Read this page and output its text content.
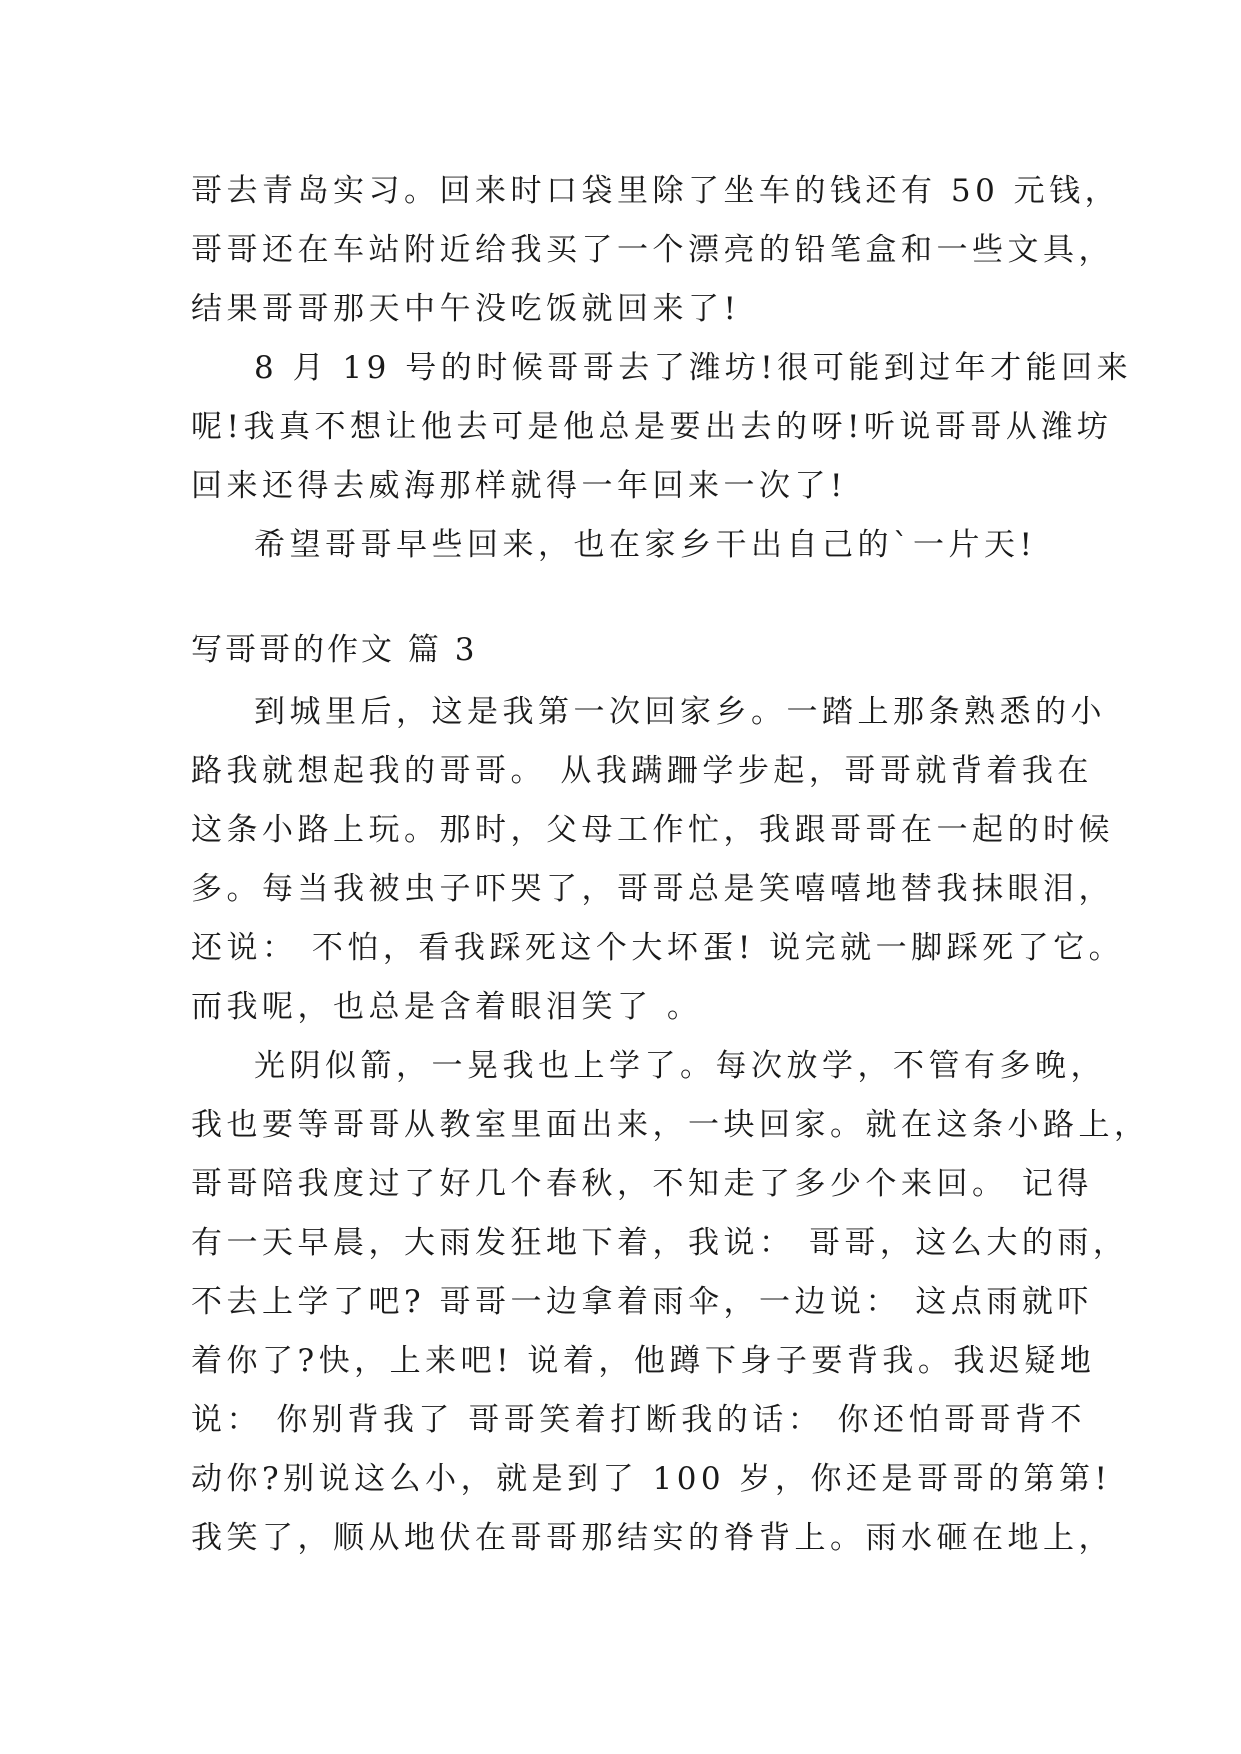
哥去青岛实习。回来时口袋里除了坐车的钱还有 50 元钱，
哥哥还在车站附近给我买了一个漂亮的铅笔盒和一些文具，
结果哥哥那天中午没吃饭就回来了!
8 月 19 号的时候哥哥去了潍坊!很可能到过年才能回来
呢!我真不想让他去可是他总是要出去的呀!听说哥哥从潍坊
回来还得去威海那样就得一年回来一次了!
希望哥哥早些回来，也在家乡干出自己的`一片天!
写哥哥的作文 篇 3
到城里后，这是我第一次回家乡。一踏上那条熟悉的小
路我就想起我的哥哥。 从我蹒跚学步起，哥哥就背着我在
这条小路上玩。那时，父母工作忙，我跟哥哥在一起的时候
多。每当我被虫子吓哭了，哥哥总是笑嘻嘻地替我抹眼泪，
还说： 不怕，看我踩死这个大坏蛋! 说完就一脚踩死了它。
而我呢，也总是含着眼泪笑了 。
光阴似箭，一晃我也上学了。每次放学，不管有多晚，
我也要等哥哥从教室里面出来，一块回家。就在这条小路上，
哥哥陪我度过了好几个春秋，不知走了多少个来回。 记得
有一天早晨，大雨发狂地下着，我说： 哥哥，这么大的雨，
不去上学了吧? 哥哥一边拿着雨伞，一边说： 这点雨就吓
着你了?快，上来吧! 说着，他蹲下身子要背我。我迟疑地
说： 你别背我了 哥哥笑着打断我的话： 你还怕哥哥背不
动你?别说这么小，就是到了 100 岁，你还是哥哥的第第!
我笑了，顺从地伏在哥哥那结实的脊背上。雨水砸在地上，
